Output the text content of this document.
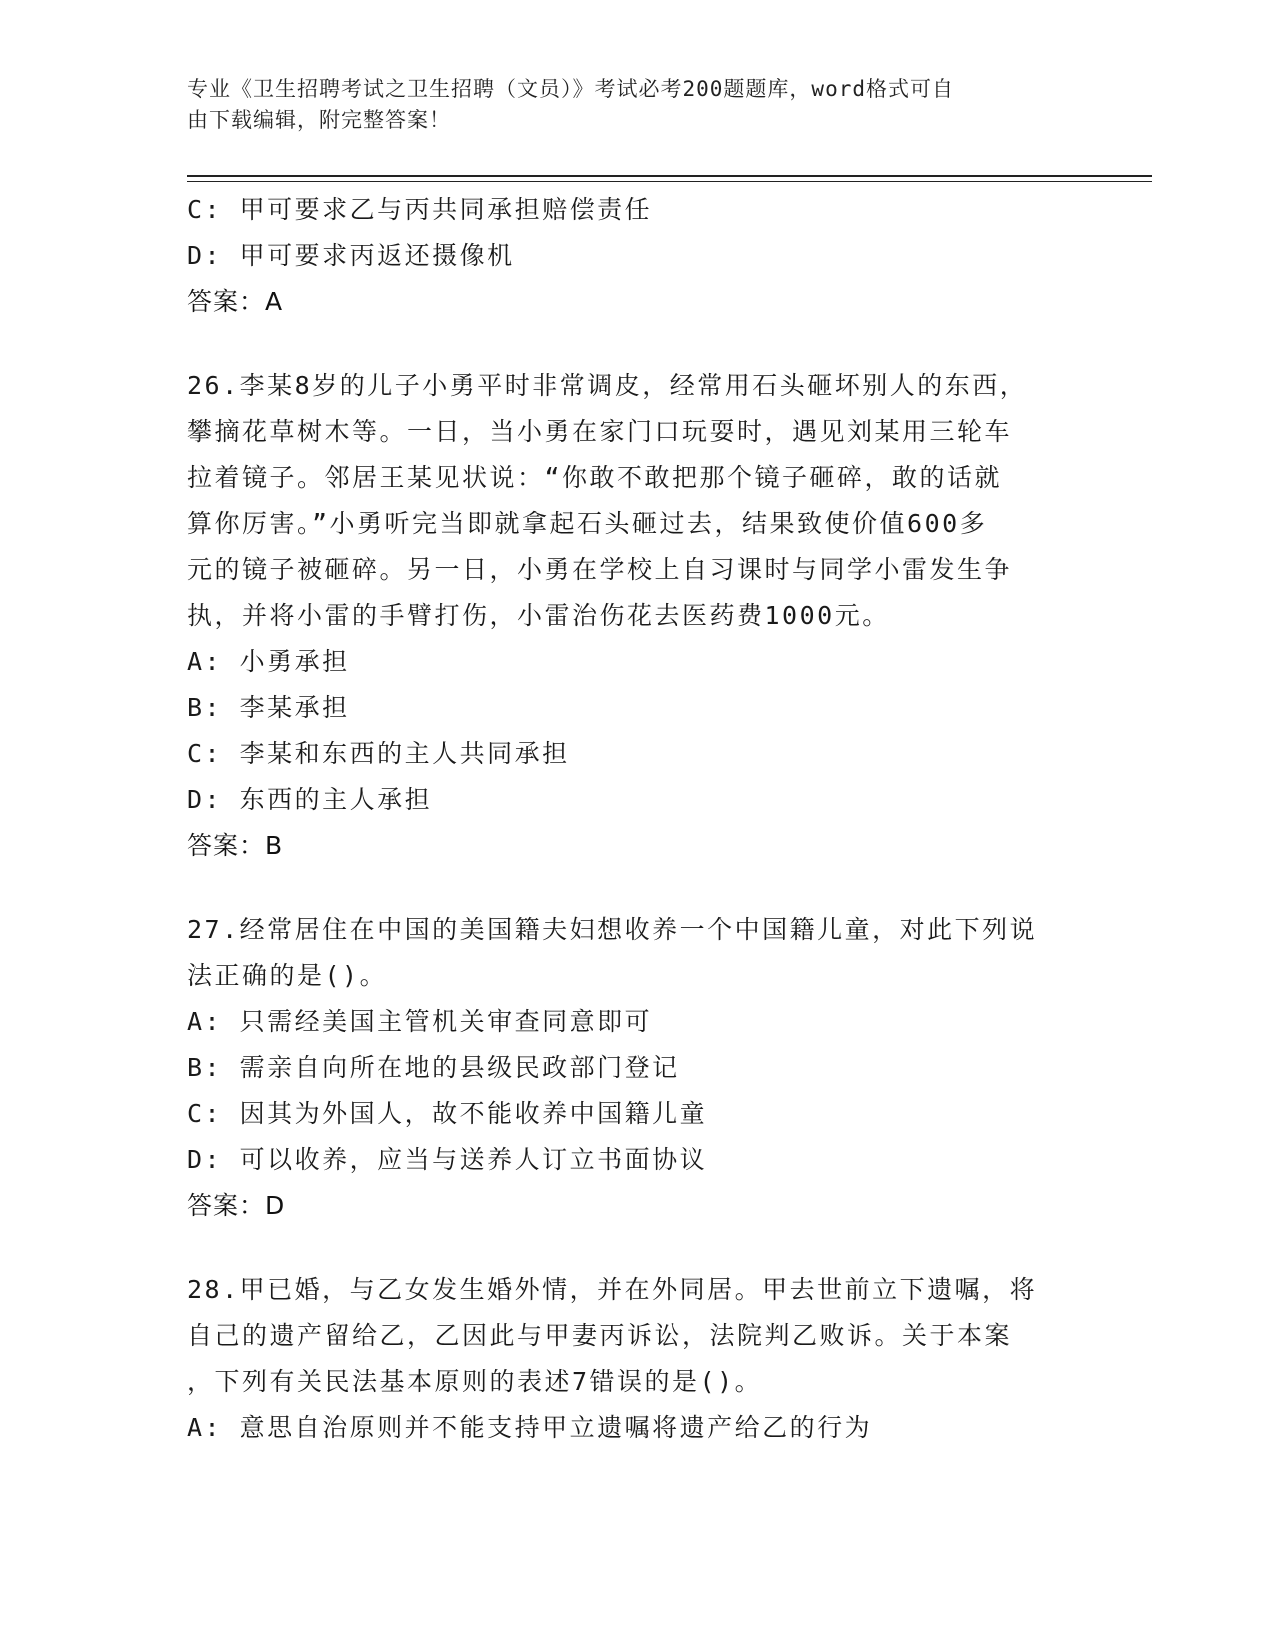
专业《卫生招聘考试之卫生招聘（文员）》考试必考200题题库，word格式可自
由下载编辑，附完整答案！
C: 甲可要求乙与丙共同承担赔偿责任
D: 甲可要求丙返还摄像机
答案：A
26.李某8岁的儿子小勇平时非常调皮，经常用石头砸坏别人的东西，
攀摘花草树木等。一日，当小勇在家门口玩耍时，遇见刘某用三轮车
拉着镜子。邻居王某见状说：“你敢不敢把那个镜子砸碎，敢的话就
算你厉害。”小勇听完当即就拿起石头砸过去，结果致使价值600多
元的镜子被砸碎。另一日，小勇在学校上自习课时与同学小雷发生争
执，并将小雷的手臂打伤，小雷治伤花去医药费1000元。
A: 小勇承担
B: 李某承担
C: 李某和东西的主人共同承担
D: 东西的主人承担
答案：B
27.经常居住在中国的美国籍夫妇想收养一个中国籍儿童，对此下列说
法正确的是()。
A: 只需经美国主管机关审查同意即可
B: 需亲自向所在地的县级民政部门登记
C: 因其为外国人，故不能收养中国籍儿童
D: 可以收养，应当与送养人订立书面协议
答案：D
28.甲已婚，与乙女发生婚外情，并在外同居。甲去世前立下遗嘱，将
自己的遗产留给乙，乙因此与甲妻丙诉讼，法院判乙败诉。关于本案
，下列有关民法基本原则的表述7错误的是()。
A: 意思自治原则并不能支持甲立遗嘱将遗产给乙的行为
